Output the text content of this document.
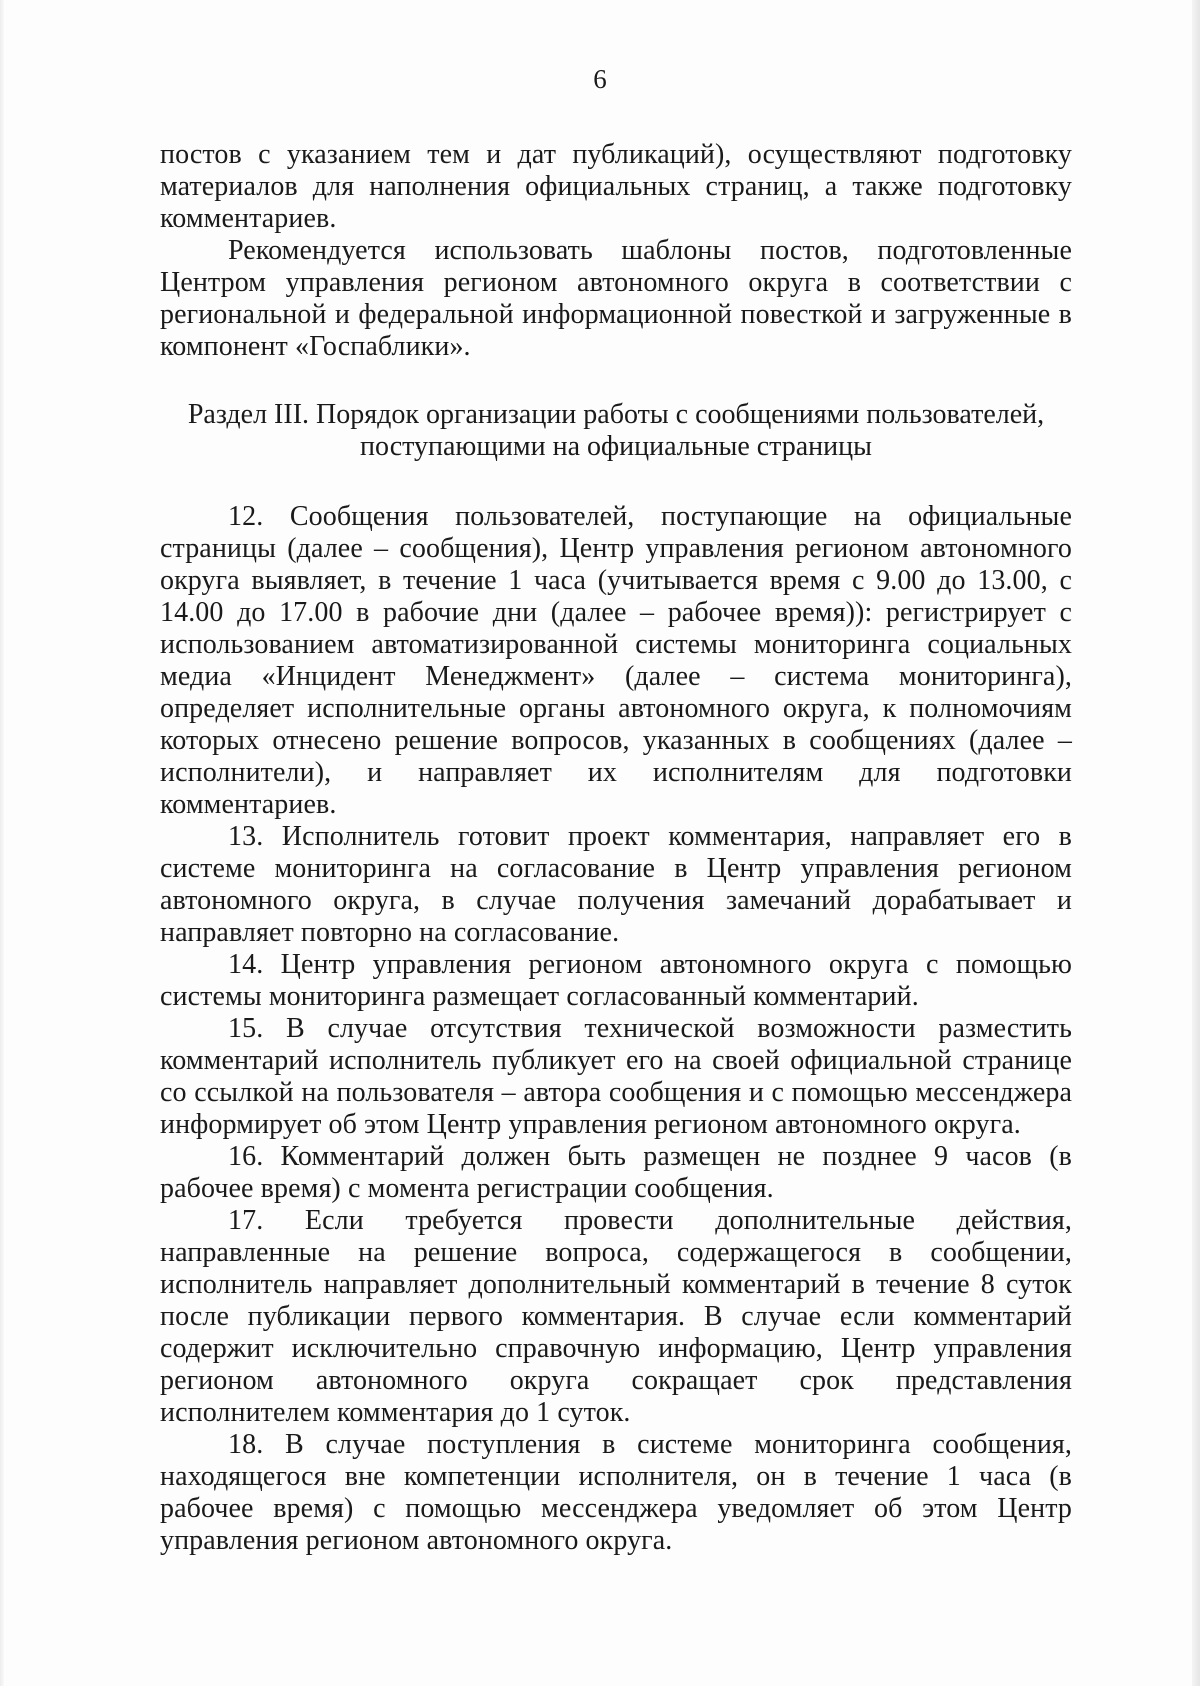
6

постов с указанием тем и дат публикаций), осуществляют подготовку материалов для наполнения официальных страниц, а также подготовку комментариев.

Рекомендуется использовать шаблоны постов, подготовленные Центром управления регионом автономного округа в соответствии с региональной и федеральной информационной повесткой и загруженные в компонент «Госпаблики».

Раздел III. Порядок организации работы с сообщениями пользователей,

поступающими на официальные страницы

12. Сообщения пользователей, поступающие на официальные страницы (далее – сообщения), Центр управления регионом автономного округа выявляет, в течение 1 часа (учитывается время с 9.00 до 13.00, с 14.00 до 17.00 в рабочие дни (далее – рабочее время)): регистрирует с использованием автоматизированной системы мониторинга социальных медиа «Инцидент Менеджмент» (далее – система мониторинга), определяет исполнительные органы автономного округа, к полномочиям которых отнесено решение вопросов, указанных в сообщениях (далее – исполнители), и направляет их исполнителям для подготовки комментариев.

13. Исполнитель готовит проект комментария, направляет его в системе мониторинга на согласование в Центр управления регионом автономного округа, в случае получения замечаний дорабатывает и направляет повторно на согласование.

14. Центр управления регионом автономного округа с помощью системы мониторинга размещает согласованный комментарий.

15. В случае отсутствия технической возможности разместить комментарий исполнитель публикует его на своей официальной странице со ссылкой на пользователя – автора сообщения и с помощью мессенджера информирует об этом Центр управления регионом автономного округа.

16. Комментарий должен быть размещен не позднее 9 часов (в рабочее время) с момента регистрации сообщения.

17. Если требуется провести дополнительные действия, направленные на решение вопроса, содержащегося в сообщении, исполнитель направляет дополнительный комментарий в течение 8 суток после публикации первого комментария. В случае если комментарий содержит исключительно справочную информацию, Центр управления регионом автономного округа сокращает срок представления исполнителем комментария до 1 суток.

18. В случае поступления в системе мониторинга сообщения, находящегося вне компетенции исполнителя, он в течение 1 часа (в рабочее время) с помощью мессенджера уведомляет об этом Центр управления регионом автономного округа.
